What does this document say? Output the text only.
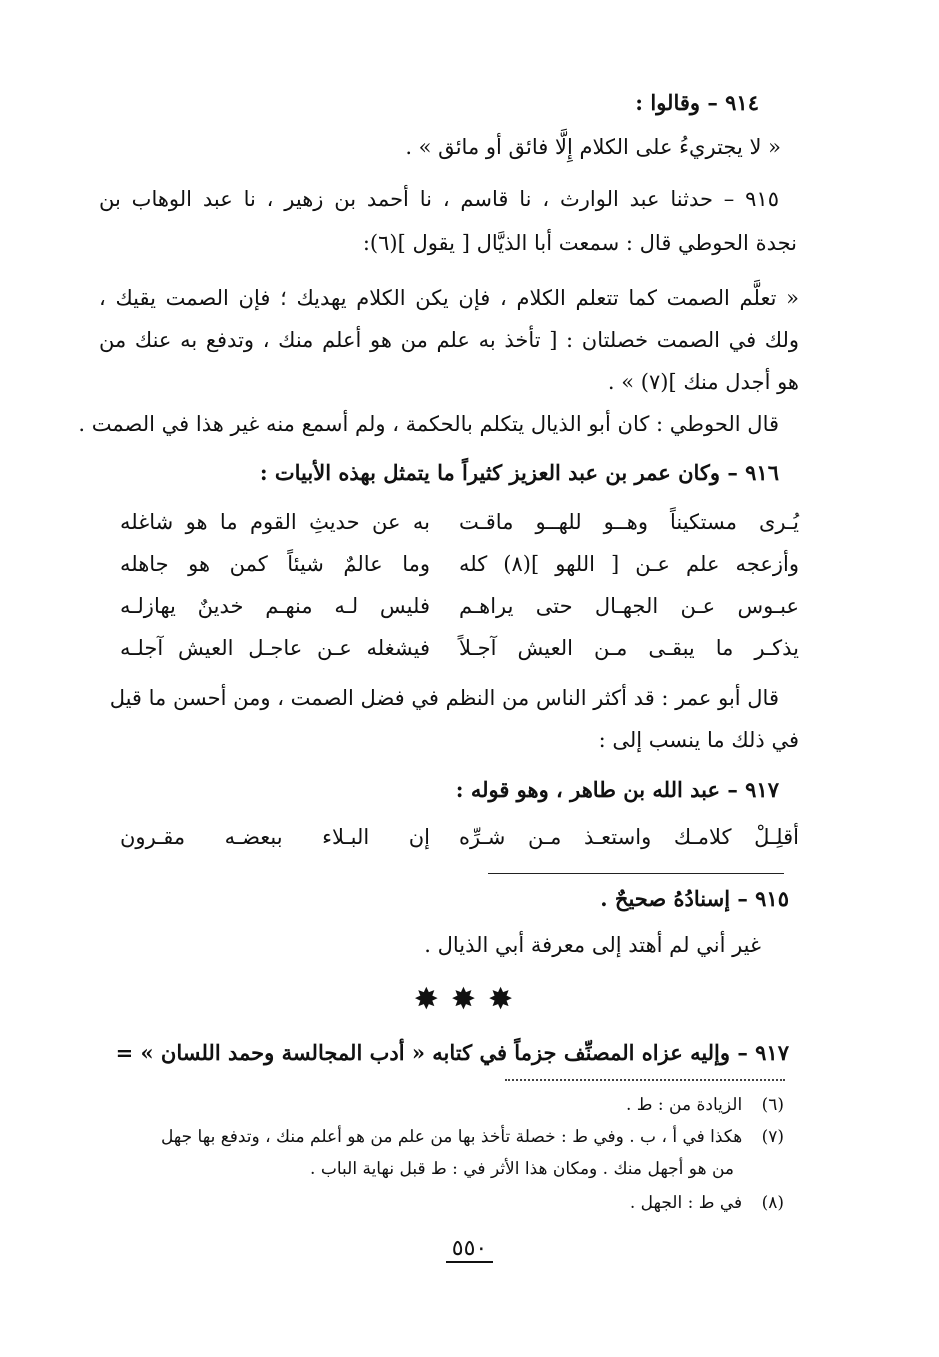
٩١٤ – وقالوا :
« لا يجتريءُ على الكلام إِلَّا فائق أو مائق » .
٩١٥ – حدثنا عبد الوارث ، نا قاسم ، نا أحمد بن زهير ، نا عبد الوهاب بن
نجدة الحوطي قال : سمعت أبا الذيَّال [ يقول ](٦):
« تعلَّم الصمت كما تتعلم الكلام ، فإن يكن الكلام يهديك ؛ فإن الصمت يقيك ،
ولك في الصمت خصلتان : [ تأخذ به علم من هو أعلم منك ، وتدفع به عنك من
هو أجدل منك ](٧) » .
قال الحوطي : كان أبو الذيال يتكلم بالحكمة ، ولم أسمع منه غير هذا في الصمت .
٩١٦ – وكان عمر بن عبد العزيز كثيراً ما يتمثل بهذه الأبيات :
يُـرى مستكيناً وهــو للهــو ماقـت
به عن حديثِ القوم ما هو شاغله
وأزعجه علم عـن [ اللهو ](٨) كله
وما عالمٌ شيئاً كمن هو جاهله
عبـوس عـن الجهـال حتى يراهـم
فليس لـه منهـم خدينٌ يهازلـه
يذكـر ما يبقـى مـن العيش آجـلاً
فيشغله عـن عاجـل العيش آجلـه
قال أبو عمر : قد أكثر الناس من النظم في فضل الصمت ، ومن أحسن ما قيل
في ذلك ما ينسب إلى :
٩١٧ – عبد الله بن طاهر ، وهو قوله :
أقلِـلْ كلامـك واستعـذ مـن شـرِّه
إن البـلاء ببعضـه مقـرون
٩١٥ – إسنادُهُ صحيحٌ .
غير أني لم أهتد إلى معرفة أبي الذيال .
✸✸✸
٩١٧ – وإليه عزاه المصنِّف جزماً في كتابه « أدب المجالسة وحمد اللسان » =
(٦) الزيادة من : ط .
(٧) هكذا في أ ، ب . وفي ط : خصلة تأخذ بها من علم من هو أعلم منك ، وتدفع بها جهل
من هو أجهل منك . ومكان هذا الأثر في : ط قبل نهاية الباب .
(٨) في ط : الجهل .
٥٥٠
